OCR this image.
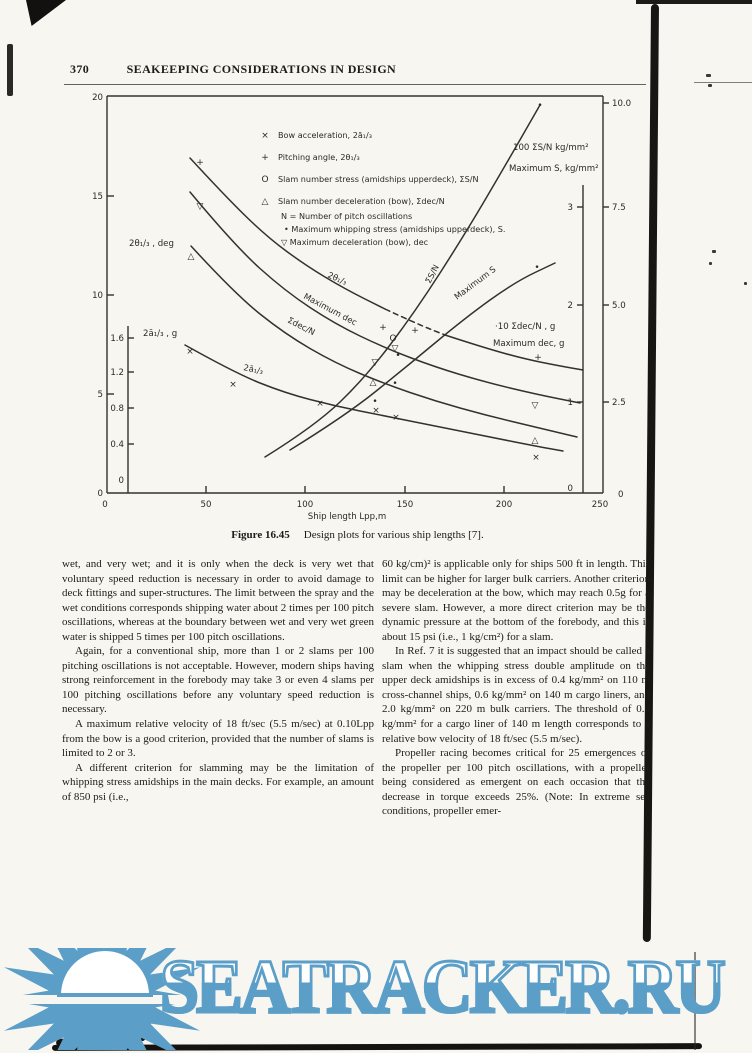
370	SEAKEEPING CONSIDERATIONS IN DESIGN
20
15
10
5
0
1.6
1.2
0.8
0.4
0
0	50	100	150	200	250
3
2
1
0
10.0
7.5
5.0
2.5
0
2θ₁/₃ , deg
2ā₁/₃ , g
Ship length Lpp,m
100 ΣS/N kg/mm²
Maximum S, kg/mm²
·10 Σdec/N , g
Maximum dec, g
× Bow acceleration, 2ā₁/₃
+ Pitching angle, 2θ₁/₃
O Slam number stress (amidships upperdeck), ΣS/N
△ Slam number deceleration (bow), Σdec/N
N = Number of pitch oscillations
• Maximum whipping stress (amidships upperdeck), S.
▽ Maximum deceleration (bow), dec
2θ₁/₃
Maximum dec
Σdec/N
2ā₁/₃
ΣS/N Maximum S
+
+	+
+
▽
▽
▽
▽
△
△
△
×
×
×
×
×
×
•
•
•
•
•
O
Figure 16.45 Design plots for various ship lengths [7].

wet, and very wet; and it is only when the deck is very wet that voluntary speed reduction is necessary in order to avoid damage to deck fittings and super-structures. The limit between the spray and the wet conditions corresponds shipping water about 2 times per 100 pitch oscillations, whereas at the boundary between wet and very wet green water is shipped 5 times per 100 pitch oscillations.

Again, for a conventional ship, more than 1 or 2 slams per 100 pitching oscillations is not acceptable. However, modern ships having strong reinforcement in the forebody may take 3 or even 4 slams per 100 pitching oscillations before any voluntary speed reduction is necessary.

A maximum relative velocity of 18 ft/sec (5.5 m/sec) at 0.10Lpp from the bow is a good criterion, provided that the number of slams is limited to 2 or 3.

A different criterion for slamming may be the limitation of whipping stress amidships in the main decks. For example, an amount of 850 psi (i.e.,

60 kg/cm)² is applicable only for ships 500 ft in length. This limit can be higher for larger bulk carriers. Another criterion may be deceleration at the bow, which may reach 0.5g for a severe slam. However, a more direct criterion may be the dynamic pressure at the bottom of the forebody, and this is about 15 psi (i.e., 1 kg/cm²) for a slam.

In Ref. 7 it is suggested that an impact should be called a slam when the whipping stress double amplitude on the upper deck amidships is in excess of 0.4 kg/mm² on 110 m cross-channel ships, 0.6 kg/mm² on 140 m cargo liners, and 2.0 kg/mm² on 220 m bulk carriers. The threshold of 0.6 kg/mm² for a cargo liner of 140 m length corresponds to a relative bow velocity of 18 ft/sec (5.5 m/sec).

Propeller racing becomes critical for 25 emergences of the propeller per 100 pitch oscillations, with a propeller being considered as emergent on each occasion that the decrease in torque exceeds 25%. (Note: In extreme sea conditions, propeller emer-

SEATRACKER.RU
